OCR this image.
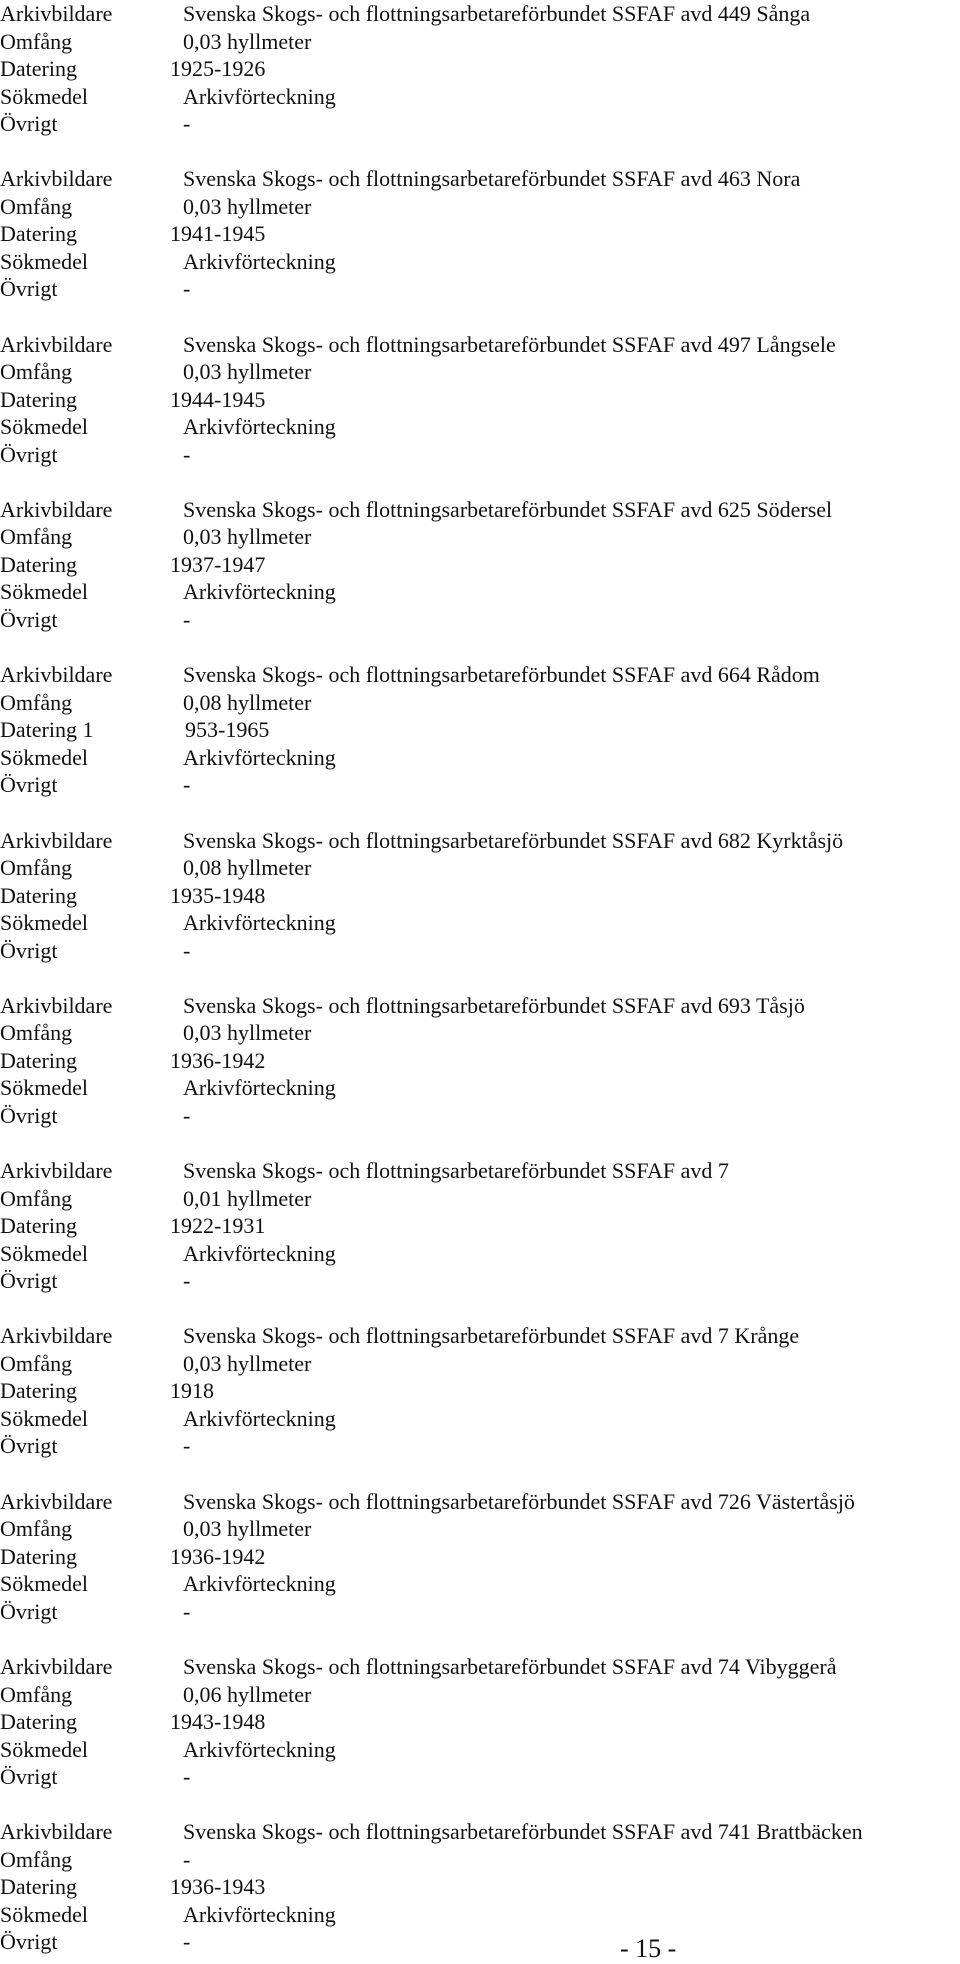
Arkivbildare	Svenska Skogs- och flottningsarbetareförbundet SSFAF avd 449 Sånga
Omfång	0,03 hyllmeter
Datering	1925-1926
Sökmedel	Arkivförteckning
Övrigt	-
Arkivbildare	Svenska Skogs- och flottningsarbetareförbundet SSFAF avd 463 Nora
Omfång	0,03 hyllmeter
Datering	1941-1945
Sökmedel	Arkivförteckning
Övrigt	-
Arkivbildare	Svenska Skogs- och flottningsarbetareförbundet SSFAF avd 497 Långsele
Omfång	0,03 hyllmeter
Datering	1944-1945
Sökmedel	Arkivförteckning
Övrigt	-
Arkivbildare	Svenska Skogs- och flottningsarbetareförbundet SSFAF avd 625 Södersel
Omfång	0,03 hyllmeter
Datering	1937-1947
Sökmedel	Arkivförteckning
Övrigt	-
Arkivbildare	Svenska Skogs- och flottningsarbetareförbundet SSFAF avd 664 Rådom
Omfång	0,08 hyllmeter
Datering 1	953-1965
Sökmedel	Arkivförteckning
Övrigt	-
Arkivbildare	Svenska Skogs- och flottningsarbetareförbundet SSFAF avd 682 Kyrktåsjö
Omfång	0,08 hyllmeter
Datering	1935-1948
Sökmedel	Arkivförteckning
Övrigt	-
Arkivbildare	Svenska Skogs- och flottningsarbetareförbundet SSFAF avd 693 Tåsjö
Omfång	0,03 hyllmeter
Datering	1936-1942
Sökmedel	Arkivförteckning
Övrigt	-
Arkivbildare	Svenska Skogs- och flottningsarbetareförbundet SSFAF avd 7
Omfång	0,01 hyllmeter
Datering	1922-1931
Sökmedel	Arkivförteckning
Övrigt	-
Arkivbildare	Svenska Skogs- och flottningsarbetareförbundet SSFAF avd 7 Krånge
Omfång	0,03 hyllmeter
Datering	1918
Sökmedel	Arkivförteckning
Övrigt	-
Arkivbildare	Svenska Skogs- och flottningsarbetareförbundet SSFAF avd 726 Västertåsjö
Omfång	0,03 hyllmeter
Datering	1936-1942
Sökmedel	Arkivförteckning
Övrigt	-
Arkivbildare	Svenska Skogs- och flottningsarbetareförbundet SSFAF avd 74 Vibyggerå
Omfång	0,06 hyllmeter
Datering	1943-1948
Sökmedel	Arkivförteckning
Övrigt	-
Arkivbildare	Svenska Skogs- och flottningsarbetareförbundet SSFAF avd 741 Brattbäcken
Omfång	-
Datering	1936-1943
Sökmedel	Arkivförteckning
Övrigt	-	- 15 -
